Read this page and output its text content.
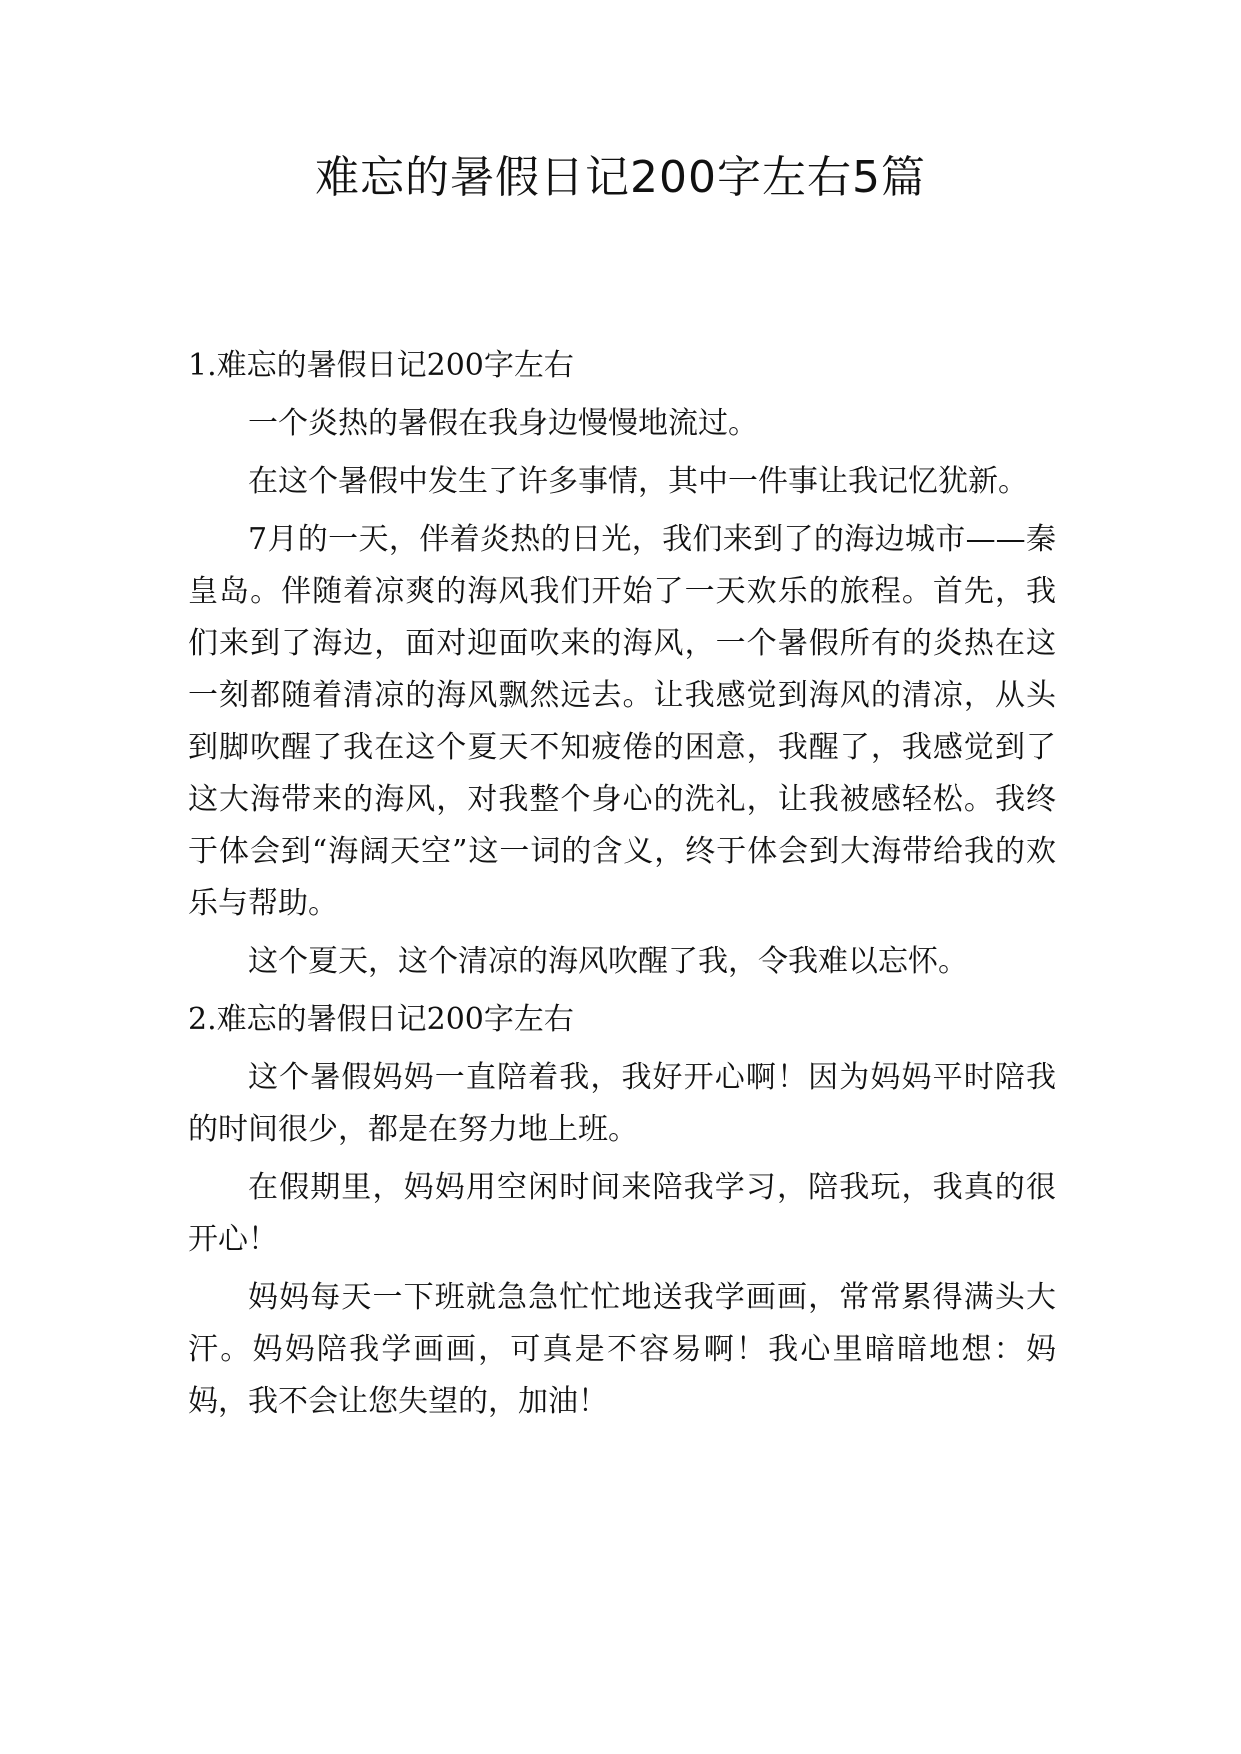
难忘的暑假日记200字左右5篇

1.难忘的暑假日记200字左右

一个炎热的暑假在我身边慢慢地流过。

在这个暑假中发生了许多事情，其中一件事让我记忆犹新。

7月的一天，伴着炎热的日光，我们来到了的海边城市——秦皇岛。伴随着凉爽的海风我们开始了一天欢乐的旅程。首先，我们来到了海边，面对迎面吹来的海风，一个暑假所有的炎热在这一刻都随着清凉的海风飘然远去。让我感觉到海风的清凉，从头到脚吹醒了我在这个夏天不知疲倦的困意，我醒了，我感觉到了这大海带来的海风，对我整个身心的洗礼，让我被感轻松。我终于体会到“海阔天空”这一词的含义，终于体会到大海带给我的欢乐与帮助。

这个夏天，这个清凉的海风吹醒了我，令我难以忘怀。

2.难忘的暑假日记200字左右

这个暑假妈妈一直陪着我，我好开心啊！因为妈妈平时陪我的时间很少，都是在努力地上班。

在假期里，妈妈用空闲时间来陪我学习，陪我玩，我真的很开心！

妈妈每天一下班就急急忙忙地送我学画画，常常累得满头大汗。妈妈陪我学画画，可真是不容易啊！我心里暗暗地想：妈妈，我不会让您失望的，加油！
